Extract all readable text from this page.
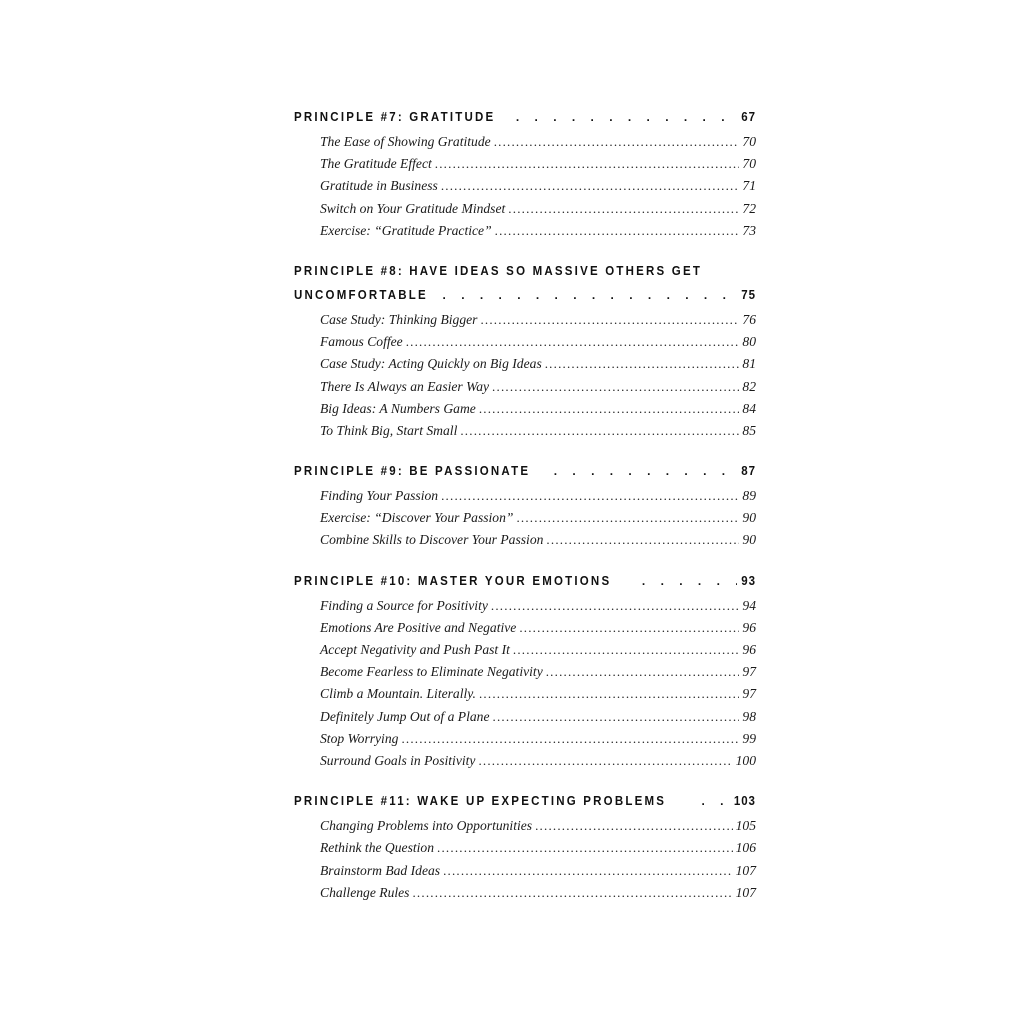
PRINCIPLE #7: GRATITUDE . . .	67
The Ease of Showing Gratitude .....	70
The Gratitude Effect .....	70
Gratitude in Business .....	71
Switch on Your Gratitude Mindset .....	72
Exercise: “Gratitude Practice” .....	73
PRINCIPLE #8: HAVE IDEAS SO MASSIVE OTHERS GET
UNCOMFORTABLE . . .	75
Case Study: Thinking Bigger .....	76
Famous Coffee .....	80
Case Study: Acting Quickly on Big Ideas .....	81
There Is Always an Easier Way .....	82
Big Ideas: A Numbers Game .....	84
To Think Big, Start Small .....	85
PRINCIPLE #9: BE PASSIONATE . . .	87
Finding Your Passion .....	89
Exercise: “Discover Your Passion” .....	90
Combine Skills to Discover Your Passion .....	90
PRINCIPLE #10: MASTER YOUR EMOTIONS . . .	93
Finding a Source for Positivity .....	94
Emotions Are Positive and Negative .....	96
Accept Negativity and Push Past It .....	96
Become Fearless to Eliminate Negativity .....	97
Climb a Mountain. Literally. .....	97
Definitely Jump Out of a Plane .....	98
Stop Worrying .....	99
Surround Goals in Positivity .....	100
PRINCIPLE #11: WAKE UP EXPECTING PROBLEMS . . .	103
Changing Problems into Opportunities .....	105
Rethink the Question .....	106
Brainstorm Bad Ideas .....	107
Challenge Rules .....	107
